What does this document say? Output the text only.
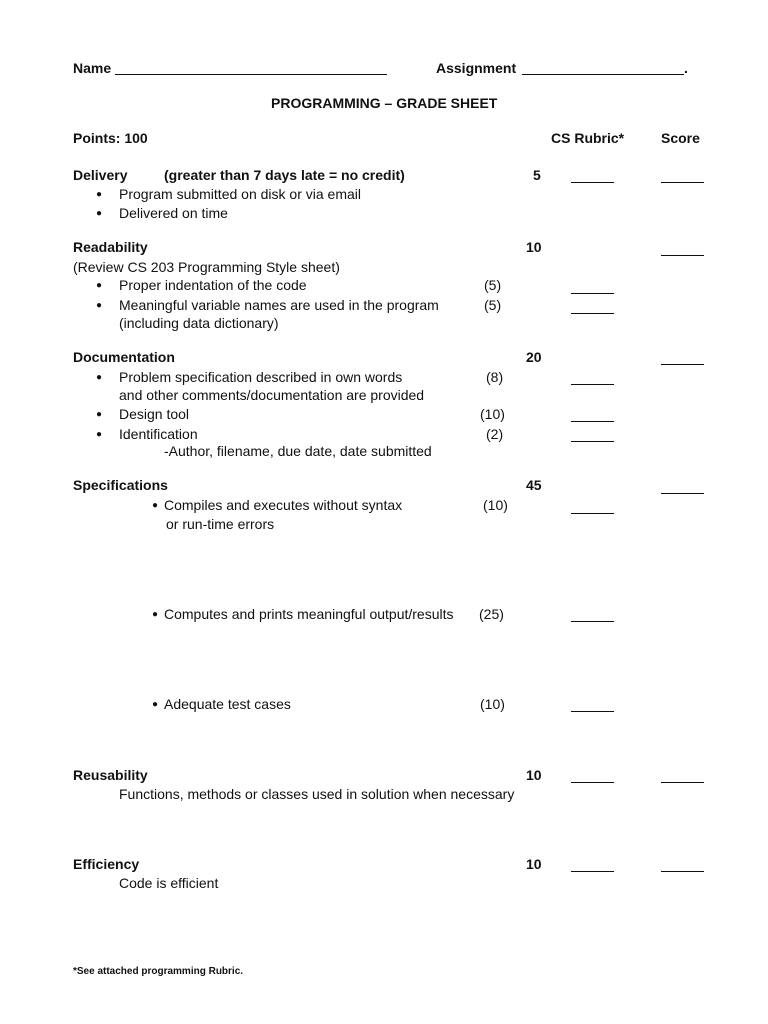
Name	Assignment	.
PROGRAMMING – GRADE SHEET
Points: 100	CS Rubric*	Score
Delivery	(greater than 7 days late = no credit)	5
●
Program submitted on disk or via email
●
Delivered on time
Readability	10
(Review CS 203 Programming Style sheet)
●
Proper indentation of the code	(5)
●
Meaningful variable names are used in the program	(5)
(including data dictionary)
Documentation	20
●
Problem specification described in own words	(8)
and other comments/documentation are provided
●
Design tool	(10)
●
Identification	(2)
-Author, filename, due date, date submitted
Specifications	45
●
Compiles and executes without syntax	(10)
or run-time errors
●
Computes and prints meaningful output/results (25)
●
Adequate test cases	(10)
Reusability	10
Functions, methods or classes used in solution when necessary
Efficiency	10
Code is efficient
*See attached programming Rubric.
